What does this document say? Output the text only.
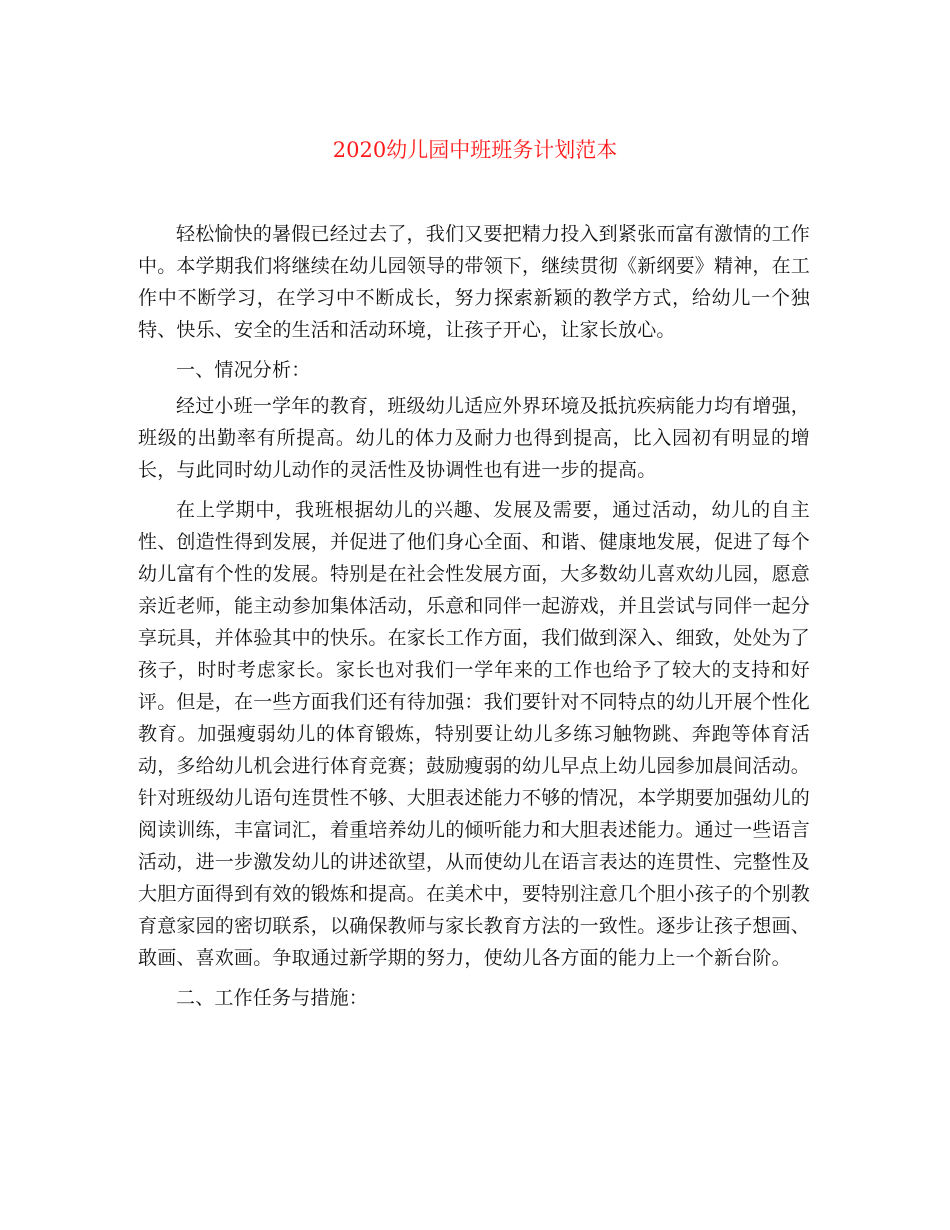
2020幼儿园中班班务计划范本

轻松愉快的暑假已经过去了，我们又要把精力投入到紧张而富有激情的工作中。本学期我们将继续在幼儿园领导的带领下，继续贯彻《新纲要》精神，在工作中不断学习，在学习中不断成长，努力探索新颖的教学方式，给幼儿一个独特、快乐、安全的生活和活动环境，让孩子开心，让家长放心。

一、情况分析：

经过小班一学年的教育，班级幼儿适应外界环境及抵抗疾病能力均有增强，班级的出勤率有所提高。幼儿的体力及耐力也得到提高，比入园初有明显的增长，与此同时幼儿动作的灵活性及协调性也有进一步的提高。

在上学期中，我班根据幼儿的兴趣、发展及需要，通过活动，幼儿的自主性、创造性得到发展，并促进了他们身心全面、和谐、健康地发展，促进了每个幼儿富有个性的发展。特别是在社会性发展方面，大多数幼儿喜欢幼儿园，愿意亲近老师，能主动参加集体活动，乐意和同伴一起游戏，并且尝试与同伴一起分享玩具，并体验其中的快乐。在家长工作方面，我们做到深入、细致，处处为了孩子，时时考虑家长。家长也对我们一学年来的工作也给予了较大的支持和好评。但是，在一些方面我们还有待加强：我们要针对不同特点的幼儿开展个性化教育。加强瘦弱幼儿的体育锻炼，特别要让幼儿多练习触物跳、奔跑等体育活动，多给幼儿机会进行体育竞赛；鼓励瘦弱的幼儿早点上幼儿园参加晨间活动。针对班级幼儿语句连贯性不够、大胆表述能力不够的情况，本学期要加强幼儿的阅读训练，丰富词汇，着重培养幼儿的倾听能力和大胆表述能力。通过一些语言活动，进一步激发幼儿的讲述欲望，从而使幼儿在语言表达的连贯性、完整性及大胆方面得到有效的锻炼和提高。在美术中，要特别注意几个胆小孩子的个别教育意家园的密切联系，以确保教师与家长教育方法的一致性。逐步让孩子想画、敢画、喜欢画。争取通过新学期的努力，使幼儿各方面的能力上一个新台阶。

二、工作任务与措施：
